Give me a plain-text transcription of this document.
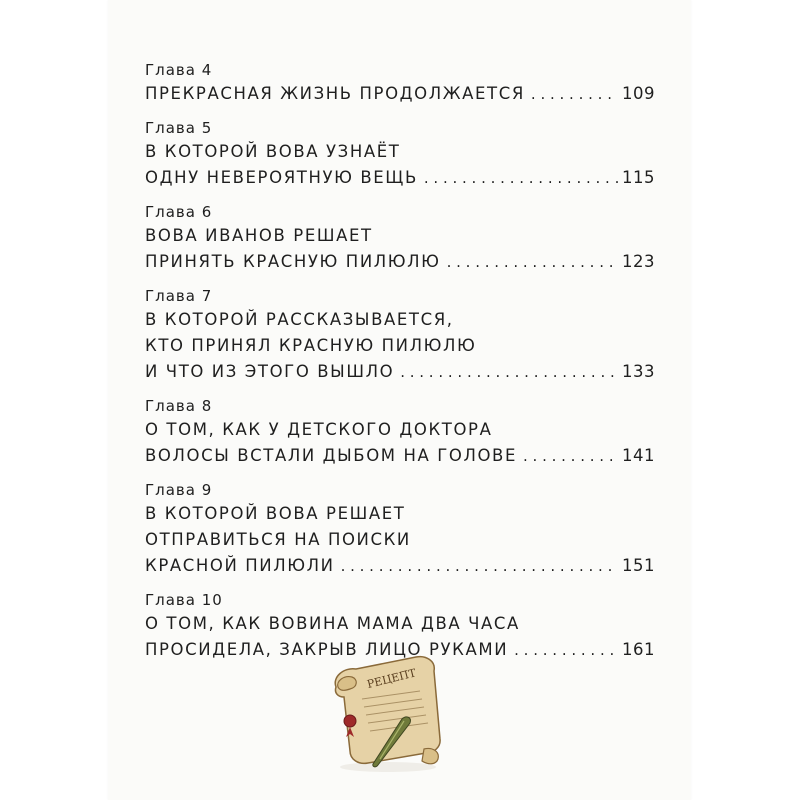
Глава 4
ПРЕКРАСНАЯ ЖИЗНЬ ПРОДОЛЖАЕТСЯ . . .	109
Глава 5
В КОТОРОЙ ВОВА УЗНАЁТ
ОДНУ НЕВЕРОЯТНУЮ ВЕЩЬ . . .	115
Глава 6
ВОВА ИВАНОВ РЕШАЕТ
ПРИНЯТЬ КРАСНУЮ ПИЛЮЛЮ . . .	123
Глава 7
В КОТОРОЙ РАССКАЗЫВАЕТСЯ,
КТО ПРИНЯЛ КРАСНУЮ ПИЛЮЛЮ
И ЧТО ИЗ ЭТОГО ВЫШЛО . . .	133
Глава 8
О ТОМ, КАК У ДЕТСКОГО ДОКТОРА
ВОЛОСЫ ВСТАЛИ ДЫБОМ НА ГОЛОВЕ . . .	141
Глава 9
В КОТОРОЙ ВОВА РЕШАЕТ
ОТПРАВИТЬСЯ НА ПОИСКИ
КРАСНОЙ ПИЛЮЛИ . . .	151
Глава 10
О ТОМ, КАК ВОВИНА МАМА ДВА ЧАСА
ПРОСИДЕЛА, ЗАКРЫВ ЛИЦО РУКАМИ . . .	161
РЕЦЕПТ
